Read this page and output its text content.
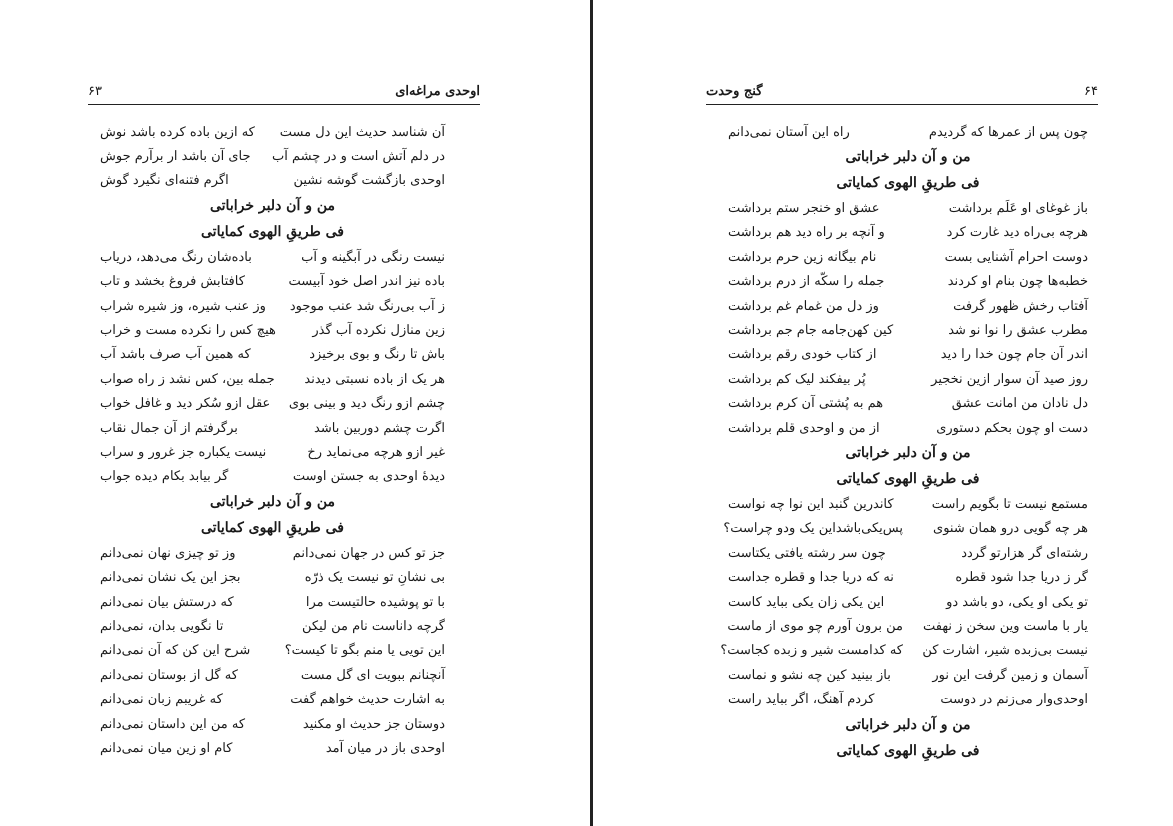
۶۳	اوحدی مراغه‌ای
آن شناسد حدیث این دل مست
که ازین باده کرده باشد نوش
در دلم آتش است و در چشم آب
جای آن باشد ار برآرم جوش
اوحدی بازگشت گوشه نشین
اگرم فتنه‌ای نگیرد گوش
من و آن دلبر خراباتی
فی طریقِ الهوی کمایاتی
نیست رنگی در آبگینه و آب
باده‌شان رنگ می‌دهد، دریاب
باده نیز اندر اصل خود آبیست
کافتابش فروغ بخشد و تاب
ز آب بی‌رنگ شد عنب موجود
وز عنب شیره، وز شیره شراب
زین منازل نکرده آب گذر
هیچ کس را نکرده مست و خراب
باش تا رنگ و بوی برخیزد
که همین آب صرف باشد آب
هر یک از باده نسبتی دیدند
جمله بین، کس نشد ز راه صواب
چشم ازو رنگ دید و بینی بوی
عقل ازو سُکر دید و غافل خواب
اگرت چشم دوربین باشد
برگرفتم از آن جمال نقاب
غیر ازو هرچه می‌نماید رخ
نیست یکباره جز غرور و سراب
دیدهٔ اوحدی به جستن اوست
گر بیابد بکام دیده جواب
من و آن دلبر خراباتی
فی طریقِ الهوی کمایاتی
جز تو کس در جهان نمی‌دانم
وز تو چیزی نهان نمی‌دانم
بی نشانِ تو نیست یک ذرّه
بجز این یک نشان نمی‌دانم
با تو پوشیده حالتیست مرا
که درستش بیان نمی‌دانم
گرچه داناست نام من لیکن
تا نگویی بدان، نمی‌دانم
این تویی یا منم بگو تا کیست؟
شرح این کن که آن نمی‌دانم
آنچنانم ببویت ای گل مست
که گل از بوستان نمی‌دانم
به اشارت حدیث خواهم گفت
که غریبم زبان نمی‌دانم
دوستان جز حدیث او مکنید
که من این داستان نمی‌دانم
اوحدی باز در میان آمد
کام او زین میان نمی‌دانم
۶۴
گنج وحدت
چون پس از عمرها که گردیدم
راه این آستان نمی‌دانم
من و آن دلبر خراباتی
فی طریقِ الهوی کمایاتی
باز غوغای او عَلَم برداشت
عشق او خنجر ستم برداشت
هرچه بی‌راه دید غارت کرد
و آنچه بر راه دید هم برداشت
دوست احرام آشنایی بست
نام بیگانه زین حرم برداشت
خطبه‌ها چون بنام او کردند
جمله را سکّه از درم برداشت
آفتاب رخش ظهور گرفت
وز دل من غمام غم برداشت
مطرب عشق را نوا نو شد
کین کهن‌جامه جام جم برداشت
اندر آن جام چون خدا را دید
از کتاب خودی رقم برداشت
روز صید آن سوار ازین نخجیر
پُر بیفکند لیک کم برداشت
دل نادان من امانت عشق
هم به پُشتی آن کرم برداشت
دست او چون بحکم دستوری
از من و اوحدی قلم برداشت
من و آن دلبر خراباتی
فی طریقِ الهوی کمایاتی
مستمع نیست تا بگویم راست
کاندرین گنبد این نوا چه نواست
هر چه گویی درو همان شنوی
پس‌یکی‌باشداین یک ودو چراست؟
رشته‌ای گر هزارتو گردد
چون سر رشته یافتی یکتاست
گر ز دریا جدا شود قطره
نه که دریا جدا و قطره جداست
تو یکی او یکی، دو باشد دو
این یکی زان یکی بباید کاست
یار با ماست وین سخن ز نهفت
من برون آورم چو موی از ماست
نیست بی‌زبده شیر، اشارت کن
که کدامست شیر و زبده کجاست؟
آسمان و زمین گرفت این نور
باز بینید کین چه نشو و نماست
اوحدی‌وار می‌زنم در دوست
کردم آهنگ، اگر بباید راست
من و آن دلبر خراباتی
فی طریقِ الهوی کمایاتی
